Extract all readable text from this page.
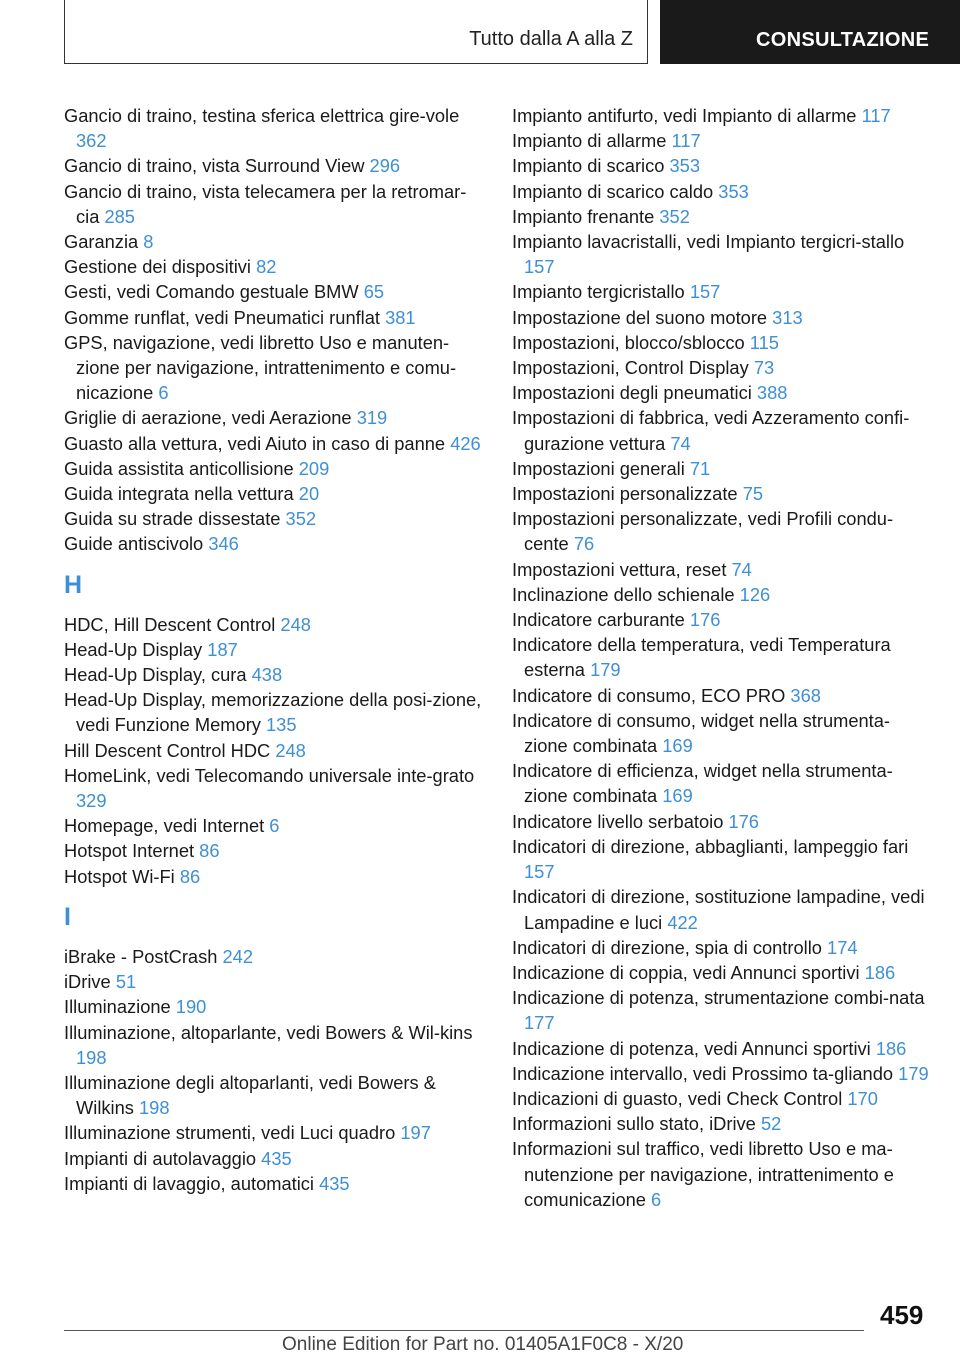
Tutto dalla A alla Z	CONSULTAZIONE
Gancio di traino, testina sferica elettrica gire-vole 362
Gancio di traino, vista Surround View 296
Gancio di traino, vista telecamera per la retromar-cia 285
Garanzia 8
Gestione dei dispositivi 82
Gesti, vedi Comando gestuale BMW 65
Gomme runflat, vedi Pneumatici runflat 381
GPS, navigazione, vedi libretto Uso e manuten-zione per navigazione, intrattenimento e comu-nicazione 6
Griglie di aerazione, vedi Aerazione 319
Guasto alla vettura, vedi Aiuto in caso di panne 426
Guida assistita anticollisione 209
Guida integrata nella vettura 20
Guida su strade dissestate 352
Guide antiscivolo 346
H
HDC, Hill Descent Control 248
Head-Up Display 187
Head-Up Display, cura 438
Head-Up Display, memorizzazione della posi-zione, vedi Funzione Memory 135
Hill Descent Control HDC 248
HomeLink, vedi Telecomando universale inte-grato 329
Homepage, vedi Internet 6
Hotspot Internet 86
Hotspot Wi-Fi 86
I
iBrake - PostCrash 242
iDrive 51
Illuminazione 190
Illuminazione, altoparlante, vedi Bowers & Wil-kins 198
Illuminazione degli altoparlanti, vedi Bowers & Wilkins 198
Illuminazione strumenti, vedi Luci quadro 197
Impianti di autolavaggio 435
Impianti di lavaggio, automatici 435
Impianto antifurto, vedi Impianto di allarme 117
Impianto di allarme 117
Impianto di scarico 353
Impianto di scarico caldo 353
Impianto frenante 352
Impianto lavacristalli, vedi Impianto tergicri-stallo 157
Impianto tergicristallo 157
Impostazione del suono motore 313
Impostazioni, blocco/sblocco 115
Impostazioni, Control Display 73
Impostazioni degli pneumatici 388
Impostazioni di fabbrica, vedi Azzeramento confi-gurazione vettura 74
Impostazioni generali 71
Impostazioni personalizzate 75
Impostazioni personalizzate, vedi Profili condu-cente 76
Impostazioni vettura, reset 74
Inclinazione dello schienale 126
Indicatore carburante 176
Indicatore della temperatura, vedi Temperatura esterna 179
Indicatore di consumo, ECO PRO 368
Indicatore di consumo, widget nella strumenta-zione combinata 169
Indicatore di efficienza, widget nella strumenta-zione combinata 169
Indicatore livello serbatoio 176
Indicatori di direzione, abbaglianti, lampeggio fari 157
Indicatori di direzione, sostituzione lampadine, vedi Lampadine e luci 422
Indicatori di direzione, spia di controllo 174
Indicazione di coppia, vedi Annunci sportivi 186
Indicazione di potenza, strumentazione combi-nata 177
Indicazione di potenza, vedi Annunci sportivi 186
Indicazione intervallo, vedi Prossimo ta-gliando 179
Indicazioni di guasto, vedi Check Control 170
Informazioni sullo stato, iDrive 52
Informazioni sul traffico, vedi libretto Uso e ma-nutenzione per navigazione, intrattenimento e comunicazione 6
459
Online Edition for Part no. 01405A1F0C8 - X/20
